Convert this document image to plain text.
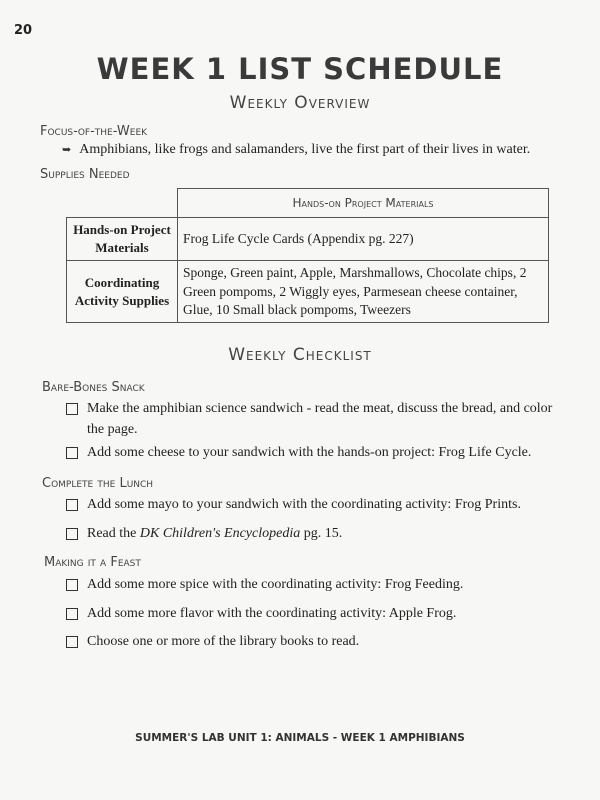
20
WEEK 1 LIST SCHEDULE
Weekly Overview
Focus-of-the-Week
➥ Amphibians, like frogs and salamanders, live the first part of their lives in water.
Supplies Needed
	Hands-on Project Materials
Hands-on Project Materials	Frog Life Cycle Cards (Appendix pg. 227)
Coordinating Activity Supplies	Sponge, Green paint, Apple, Marshmallows, Chocolate chips, 2 Green pompoms, 2 Wiggly eyes, Parmesean cheese container, Glue, 10 Small black pompoms, Tweezers
Weekly Checklist
Bare-Bones Snack
Make the amphibian science sandwich - read the meat, discuss the bread, and color the page.
Add some cheese to your sandwich with the hands-on project: Frog Life Cycle.
Complete the Lunch
Add some mayo to your sandwich with the coordinating activity: Frog Prints.
Read the DK Children's Encyclopedia pg. 15.
Making it a Feast
Add some more spice with the coordinating activity: Frog Feeding.
Add some more flavor with the coordinating activity: Apple Frog.
Choose one or more of the library books to read.
SUMMER'S LAB UNIT 1: ANIMALS - WEEK 1 AMPHIBIANS
